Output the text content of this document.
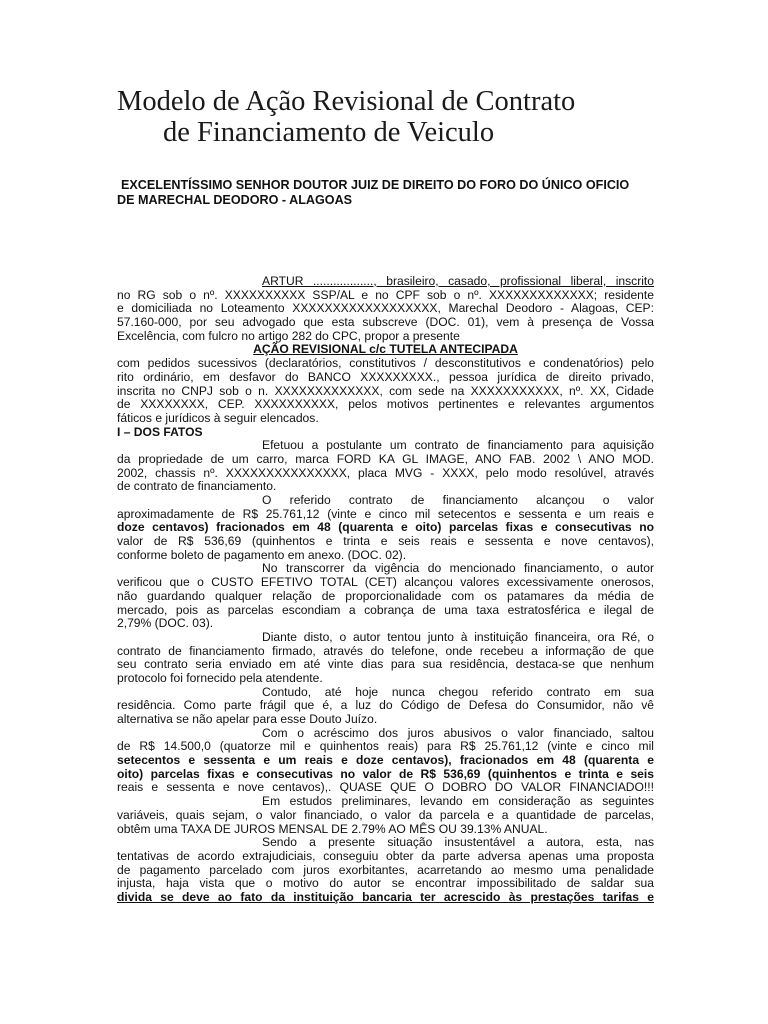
Modelo de Ação Revisional de Contrato
de Financiamento de Veiculo
EXCELENTÍSSIMO SENHOR DOUTOR JUIZ DE DIREITO DO FORO DO ÚNICO OFICIO
DE MARECHAL DEODORO - ALAGOAS
ARTUR .................., brasileiro, casado, profissional liberal, inscrito
no RG sob o nº. XXXXXXXXXX SSP/AL e no CPF sob o nº. XXXXXXXXXXXXX; residente
e domiciliada no Loteamento XXXXXXXXXXXXXXXXXX, Marechal Deodoro - Alagoas, CEP:
57.160-000, por seu advogado que esta subscreve (DOC. 01), vem à presença de Vossa
Excelência, com fulcro no artigo 282 do CPC, propor a presente
AÇÃO REVISIONAL c/c TUTELA ANTECIPADA
com pedidos sucessivos (declaratórios, constitutivos / desconstitutivos e condenatórios) pelo
rito ordinário, em desfavor do BANCO XXXXXXXXX., pessoa jurídica de direito privado,
inscrita no CNPJ sob o n. XXXXXXXXXXXXX, com sede na XXXXXXXXXXX, nº. XX, Cidade
de XXXXXXXX, CEP. XXXXXXXXXX, pelos motivos pertinentes e relevantes argumentos
fáticos e jurídicos à seguir elencados.
I – DOS FATOS
Efetuou a postulante um contrato de financiamento para aquisição
da propriedade de um carro, marca FORD KA GL IMAGE, ANO FAB. 2002 \ ANO MOD.
2002, chassis nº. XXXXXXXXXXXXXXX, placa MVG - XXXX, pelo modo resolúvel, através
de contrato de financiamento.
O referido contrato de financiamento alcançou o valor
aproximadamente de R$ 25.761,12 (vinte e cinco mil setecentos e sessenta e um reais e
doze centavos) fracionados em 48 (quarenta e oito) parcelas fixas e consecutivas no
valor de R$ 536,69 (quinhentos e trinta e seis reais e sessenta e nove centavos),
conforme boleto de pagamento em anexo. (DOC. 02).
No transcorrer da vigência do mencionado financiamento, o autor
verificou que o CUSTO EFETIVO TOTAL (CET) alcançou valores excessivamente onerosos,
não guardando qualquer relação de proporcionalidade com os patamares da média de
mercado, pois as parcelas escondiam a cobrança de uma taxa estratosférica e ilegal de
2,79% (DOC. 03).
Diante disto, o autor tentou junto à instituição financeira, ora Ré, o
contrato de financiamento firmado, através do telefone, onde recebeu a informação de que
seu contrato seria enviado em até vinte dias para sua residência, destaca-se que nenhum
protocolo foi fornecido pela atendente.
Contudo, até hoje nunca chegou referido contrato em sua
residência. Como parte frágil que é, a luz do Código de Defesa do Consumidor, não vê
alternativa se não apelar para esse Douto Juízo.
Com o acréscimo dos juros abusivos o valor financiado, saltou
de R$ 14.500,0 (quatorze mil e quinhentos reais) para R$ 25.761,12 (vinte e cinco mil
setecentos e sessenta e um reais e doze centavos), fracionados em 48 (quarenta e
oito) parcelas fixas e consecutivas no valor de R$ 536,69 (quinhentos e trinta e seis
reais e sessenta e nove centavos),. QUASE QUE O DOBRO DO VALOR FINANCIADO!!!
Em estudos preliminares, levando em consideração as seguintes
variáveis, quais sejam, o valor financiado, o valor da parcela e a quantidade de parcelas,
obtêm uma TAXA DE JUROS MENSAL DE 2.79% AO MÊS OU 39.13% ANUAL.
Sendo a presente situação insustentável a autora, esta, nas
tentativas de acordo extrajudiciais, conseguiu obter da parte adversa apenas uma proposta
de pagamento parcelado com juros exorbitantes, acarretando ao mesmo uma penalidade
injusta, haja vista que o motivo do autor se encontrar impossibilitado de saldar sua
divida se deve ao fato da instituição bancaria ter acrescido às prestações tarifas e
